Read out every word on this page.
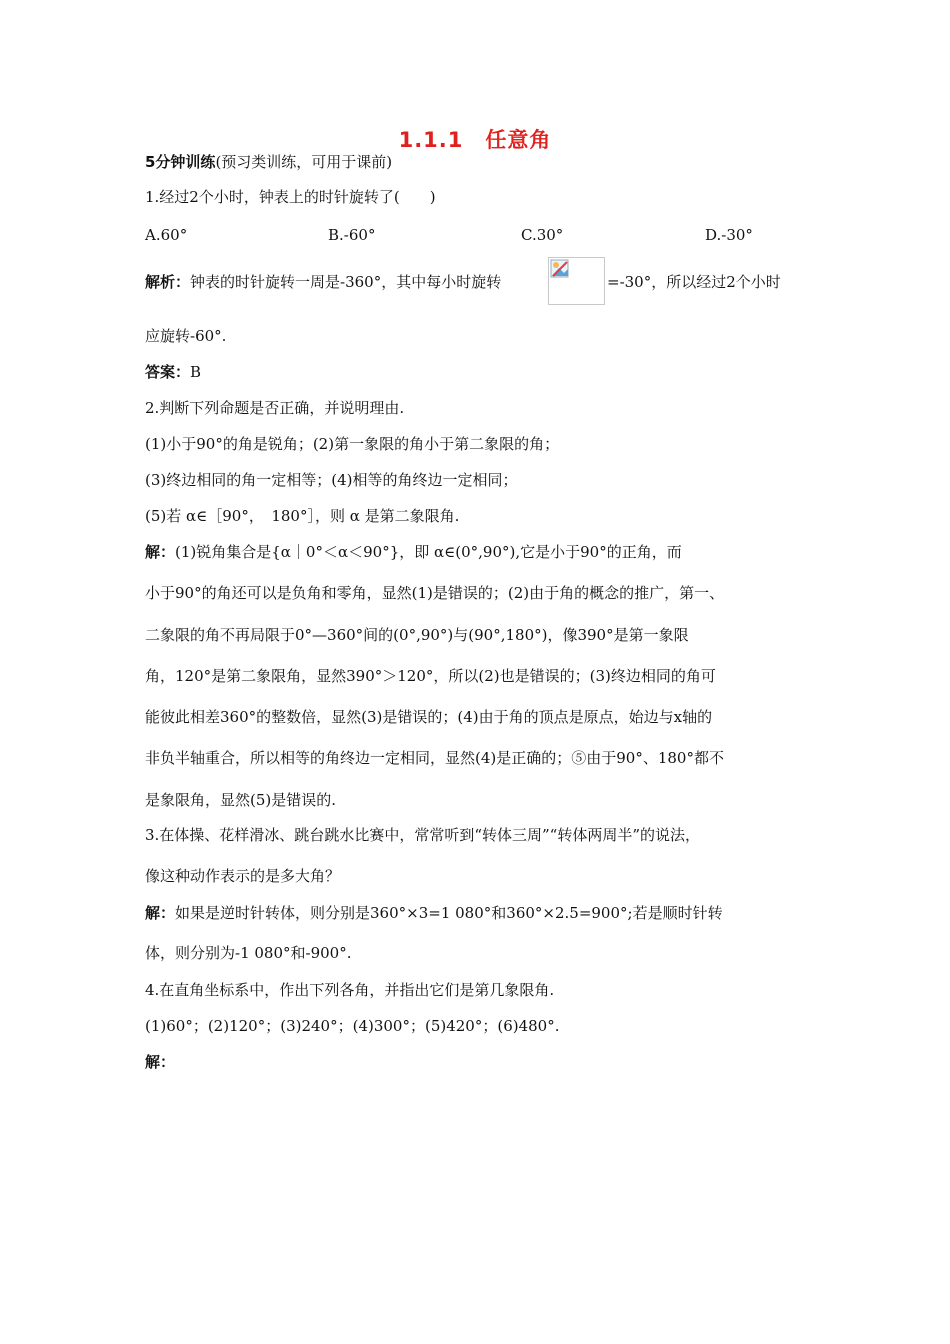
1.1.1　任意角
5分钟训练(预习类训练，可用于课前)
1.经过2个小时，钟表上的时针旋转了(　　)
A.60°	B.-60°	C.30°	D.-30°
解析：钟表的时针旋转一周是-360°，其中每小时旋转	=-30°，所以经过2个小时
应旋转-60°.
答案：B
2.判断下列命题是否正确，并说明理由.
(1)小于90°的角是锐角；(2)第一象限的角小于第二象限的角；
(3)终边相同的角一定相等；(4)相等的角终边一定相同；
(5)若 α∈［90°，　180°］，则 α 是第二象限角.
解：(1)锐角集合是{α｜0°＜α＜90°}，即 α∈(0°,90°),它是小于90°的正角，而
小于90°的角还可以是负角和零角，显然(1)是错误的；(2)由于角的概念的推广，第一、
二象限的角不再局限于0°—360°间的(0°,90°)与(90°,180°)，像390°是第一象限
角，120°是第二象限角，显然390°＞120°，所以(2)也是错误的；(3)终边相同的角可
能彼此相差360°的整数倍，显然(3)是错误的；(4)由于角的顶点是原点，始边与x轴的
非负半轴重合，所以相等的角终边一定相同，显然(4)是正确的；⑤由于90°、180°都不
是象限角，显然(5)是错误的.
3.在体操、花样滑冰、跳台跳水比赛中，常常听到“转体三周”“转体两周半”的说法，
像这种动作表示的是多大角？
解：如果是逆时针转体，则分别是360°×3=1 080°和360°×2.5=900°;若是顺时针转
体，则分别为-1 080°和-900°.
4.在直角坐标系中，作出下列各角，并指出它们是第几象限角.
(1)60°；(2)120°；(3)240°；(4)300°；(5)420°；(6)480°.
解：
